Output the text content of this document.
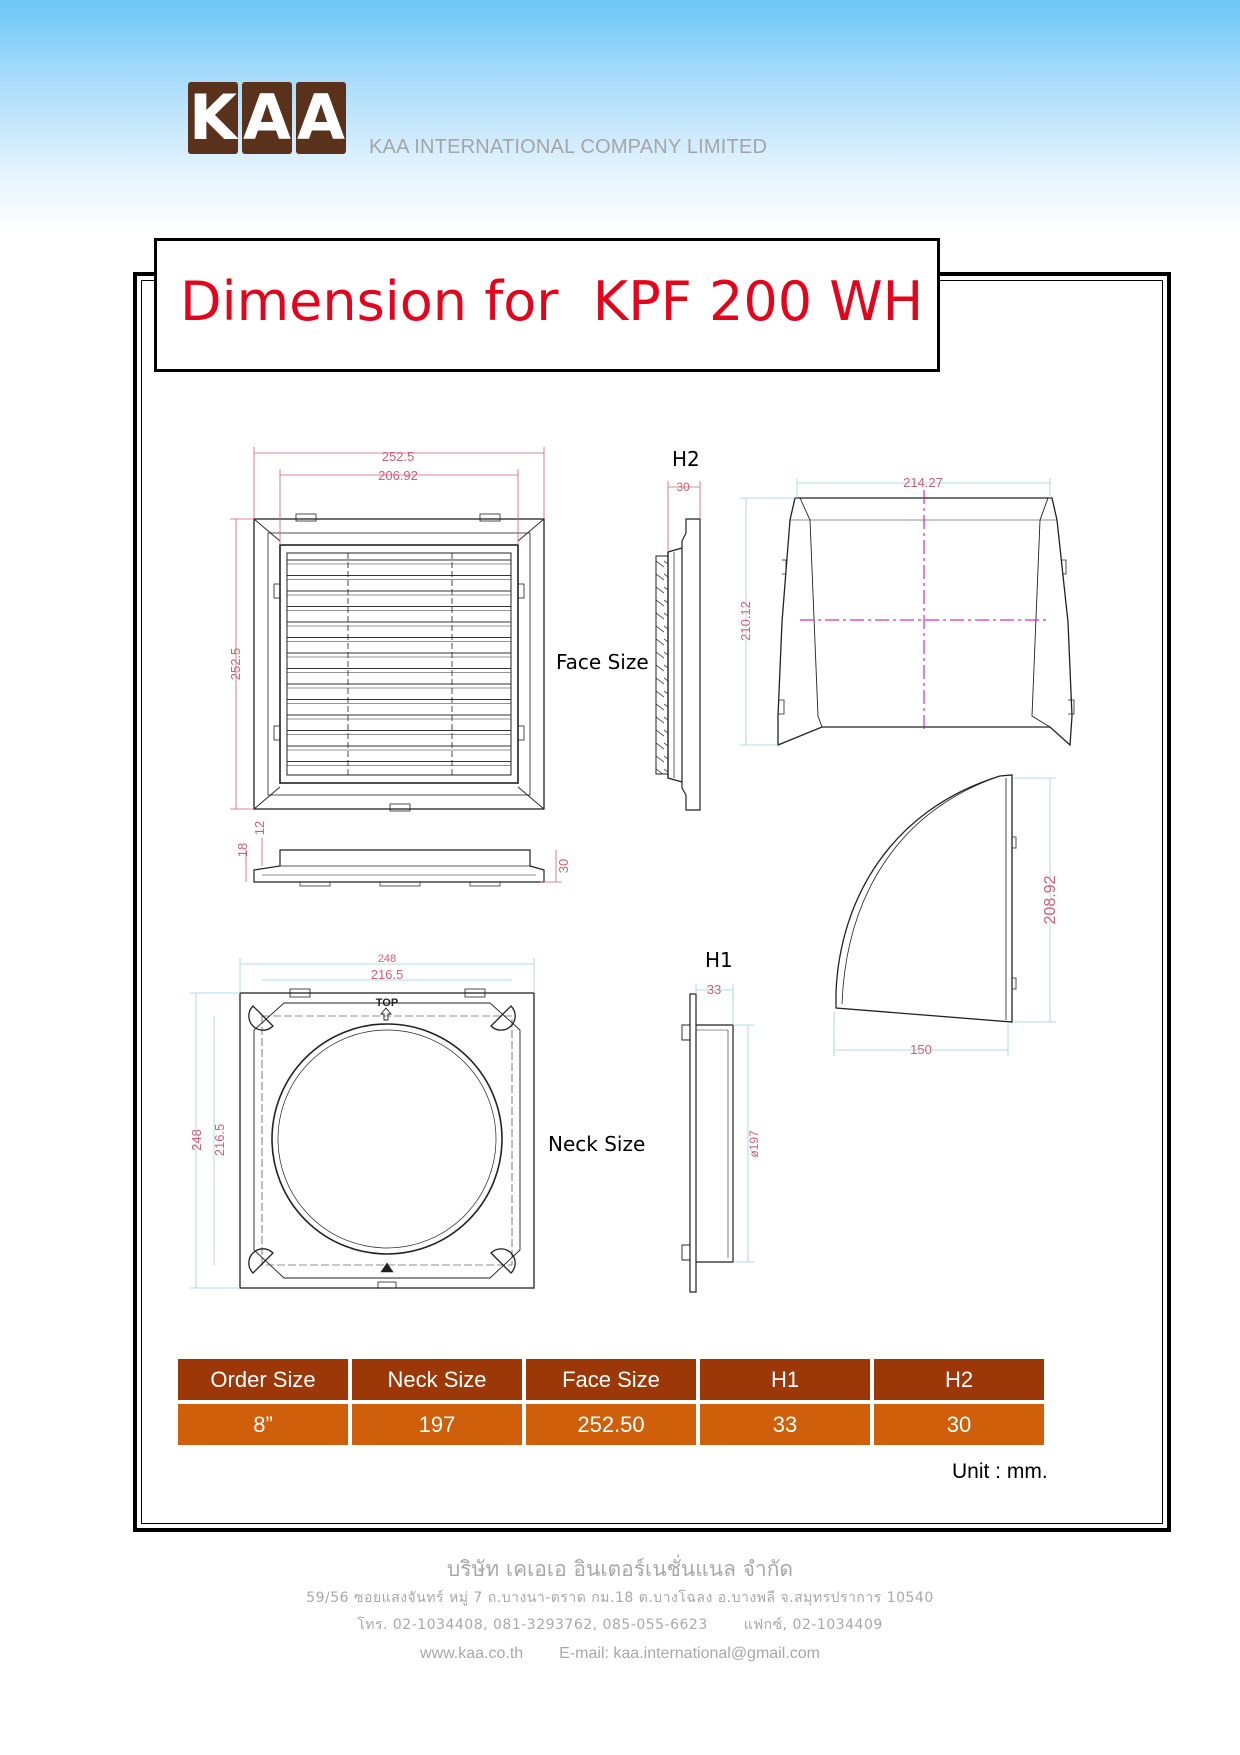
K A A KAA INTERNATIONAL COMPANY LIMITED
Dimension for  KPF 200 WH
252.5
206.92
252.5
12
18
30
30	214.27
210.12
208.92
150
248
216.5
248 216.5
33
ø197
TOP
H2
Face Size
H1
Neck Size
Order Size	Neck Size	Face Size	H1	H2
8”	197	252.50	33	30
Unit : mm.
บริษัท เคเอเอ อินเตอร์เนชั่นแนล จำกัด
59/56 ซอยแสงจันทร์ หมู่ 7 ถ.บางนา-ตราด กม.18 ต.บางโฉลง อ.บางพลี จ.สมุทรปราการ 10540
โทร. 02-1034408, 081-3293762, 085-055-6623	แฟกซ์, 02-1034409
www.kaa.co.th E-mail: kaa.international@gmail.com
